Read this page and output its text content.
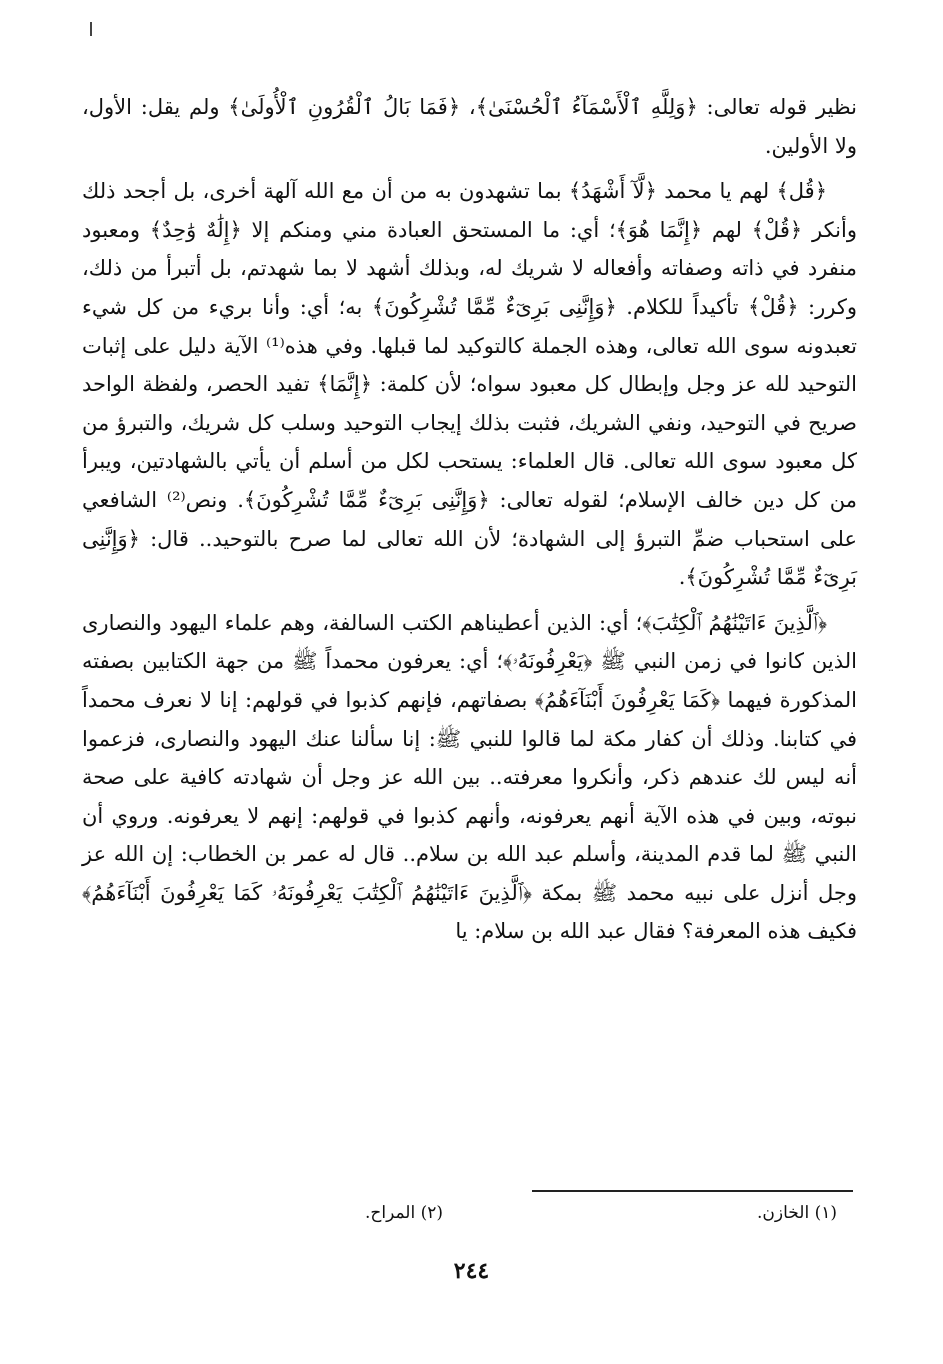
نظير قوله تعالى: ﴿وَلِلَّهِ ٱلْأَسْمَآءُ ٱلْحُسْنَىٰ﴾، ﴿فَمَا بَالُ ٱلْقُرُونِ ٱلْأُولَىٰ﴾ ولم يقل: الأول، ولا الأولين.

﴿قُل﴾ لهم يا محمد ﴿لَّآ أَشْهَدُ﴾ بما تشهدون به من أن مع الله آلهة أخرى، بل أجحد ذلك وأنكر ﴿قُلْ﴾ لهم ﴿إِنَّمَا هُوَ﴾؛ أي: ما المستحق العبادة مني ومنكم إلا ﴿إِلَٰهٌ وَٰحِدٌ﴾ ومعبود منفرد في ذاته وصفاته وأفعاله لا شريك له، وبذلك أشهد لا بما شهدتم، بل أتبرأ من ذلك، وكرر: ﴿قُلْ﴾ تأكيداً للكلام. ﴿وَإِنَّنِى بَرِىٓءٌ مِّمَّا تُشْرِكُونَ﴾ به؛ أي: وأنا بريء من كل شيء تعبدونه سوى الله تعالى، وهذه الجملة كالتوكيد لما قبلها. وفي هذه⁽¹⁾ الآية دليل على إثبات التوحيد لله عز وجل وإبطال كل معبود سواه؛ لأن كلمة: ﴿إِنَّمَا﴾ تفيد الحصر، ولفظة الواحد صريح في التوحيد، ونفي الشريك، فثبت بذلك إيجاب التوحيد وسلب كل شريك، والتبرؤ من كل معبود سوى الله تعالى. قال العلماء: يستحب لكل من أسلم أن يأتي بالشهادتين، ويبرأ من كل دين خالف الإسلام؛ لقوله تعالى: ﴿وَإِنَّنِى بَرِىٓءٌ مِّمَّا تُشْرِكُونَ﴾. ونص⁽²⁾ الشافعي على استحباب ضمِّ التبرؤ إلى الشهادة؛ لأن الله تعالى لما صرح بالتوحيد.. قال: ﴿وَإِنَّنِى بَرِىٓءٌ مِّمَّا تُشْرِكُونَ﴾.

﴿ٱلَّذِينَ ءَاتَيْنَٰهُمُ ٱلْكِتَٰبَ﴾؛ أي: الذين أعطيناهم الكتب السالفة، وهم علماء اليهود والنصارى الذين كانوا في زمن النبي ﷺ ﴿يَعْرِفُونَهُۥ﴾؛ أي: يعرفون محمداً ﷺ من جهة الكتابين بصفته المذكورة فيهما ﴿كَمَا يَعْرِفُونَ أَبْنَآءَهُمُ﴾ بصفاتهم، فإنهم كذبوا في قولهم: إنا لا نعرف محمداً في كتابنا. وذلك أن كفار مكة لما قالوا للنبي ﷺ: إنا سألنا عنك اليهود والنصارى، فزعموا أنه ليس لك عندهم ذكر، وأنكروا معرفته.. بين الله عز وجل أن شهادته كافية على صحة نبوته، وبين في هذه الآية أنهم يعرفونه، وأنهم كذبوا في قولهم: إنهم لا يعرفونه. وروي أن النبي ﷺ لما قدم المدينة، وأسلم عبد الله بن سلام.. قال له عمر بن الخطاب: إن الله عز وجل أنزل على نبيه محمد ﷺ بمكة ﴿ٱلَّذِينَ ءَاتَيْنَٰهُمُ ٱلْكِتَٰبَ يَعْرِفُونَهُۥ كَمَا يَعْرِفُونَ أَبْنَآءَهُمُ﴾ فكيف هذه المعرفة؟ فقال عبد الله بن سلام: يا

(١) الخازن.
(٢) المراح.
٢٤٤
